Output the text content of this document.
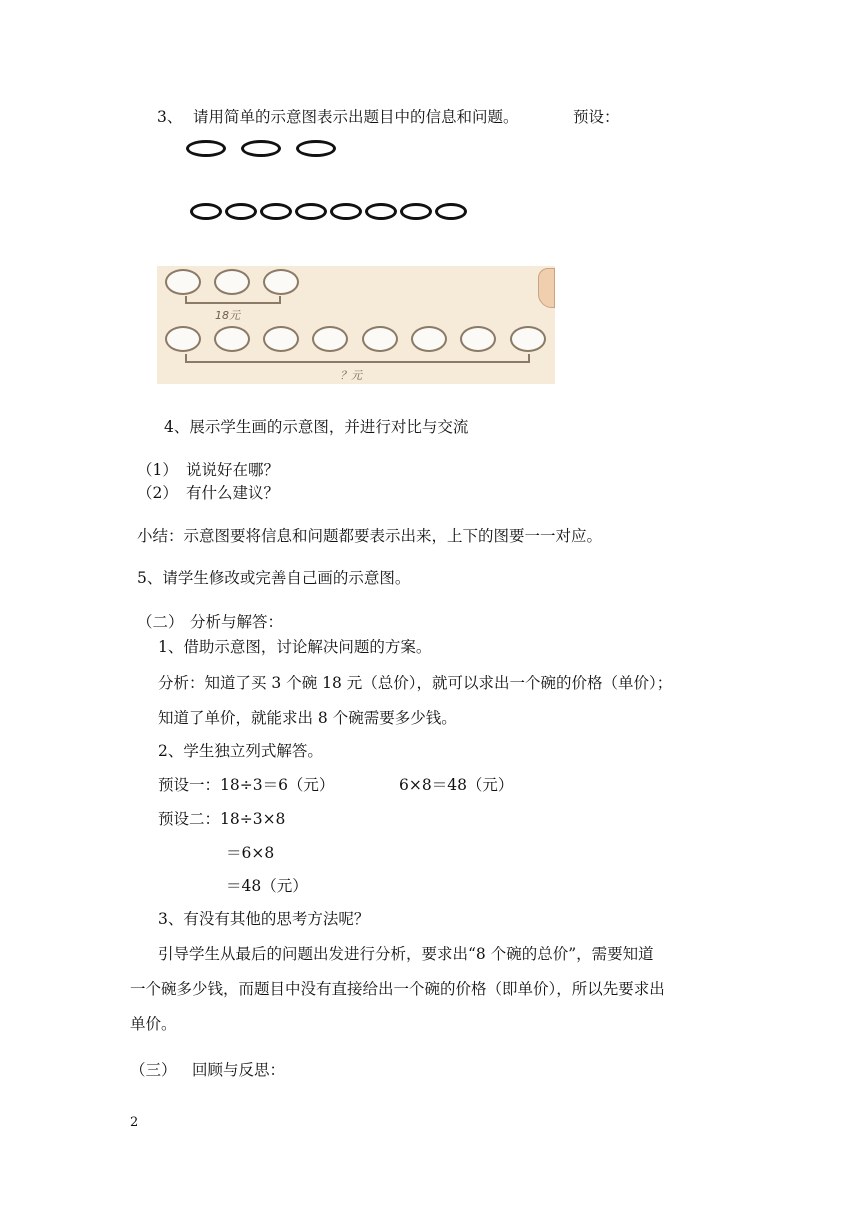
3、 请用简单的示意图表示出题目中的信息和问题。	预设：
18元
？元
4、展示学生画的示意图，并进行对比与交流
（1） 说说好在哪？
（2） 有什么建议？
小结：示意图要将信息和问题都要表示出来，上下的图要一一对应。
5、请学生修改或完善自己画的示意图。
（二） 分析与解答：
1、借助示意图，讨论解决问题的方案。
分析：知道了买 3 个碗 18 元（总价），就可以求出一个碗的价格（单价）；
知道了单价，就能求出 8 个碗需要多少钱。
2、学生独立列式解答。
预设一：18÷3＝6（元）	6×8＝48（元）
预设二：18÷3×8
＝6×8
＝48（元）
3、有没有其他的思考方法呢？
引导学生从最后的问题出发进行分析，要求出“8 个碗的总价”，需要知道
一个碗多少钱，而题目中没有直接给出一个碗的价格（即单价），所以先要求出
单价。
（三） 回顾与反思：
2
